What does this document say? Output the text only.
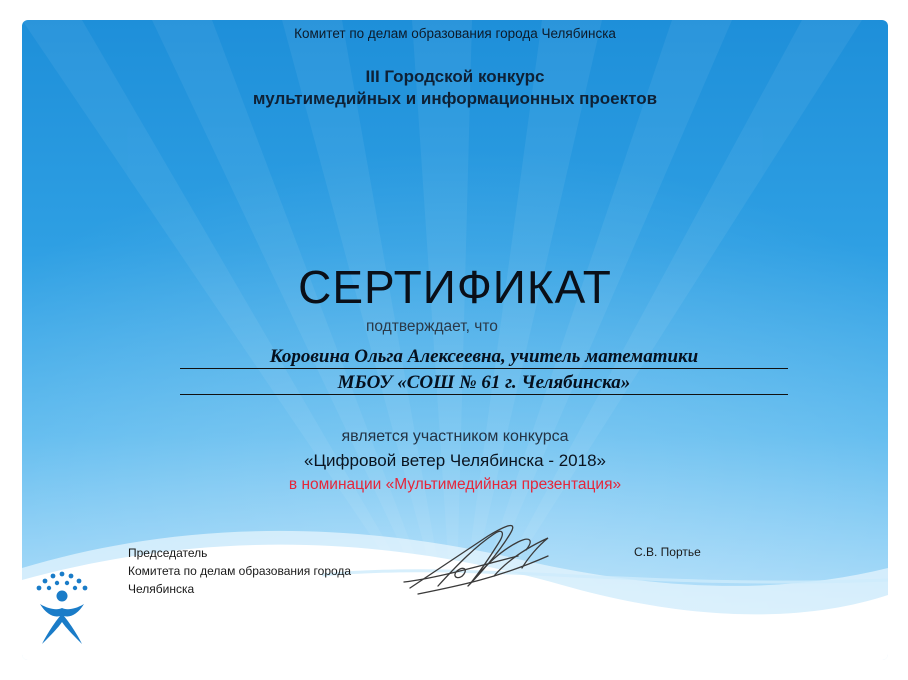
Комитет по делам образования города Челябинска

III Городской конкурс
мультимедийных и информационных проектов

СЕРТИФИКАТ

подтверждает, что

Коровина Ольга Алексеевна, учитель математики
МБОУ «СОШ № 61 г. Челябинска»

является участником конкурса

«Цифровой ветер Челябинска - 2018»

в номинации «Мультимедийная презентация»

Председатель
Комитета по делам образования города
Челябинска

С.В. Портье
